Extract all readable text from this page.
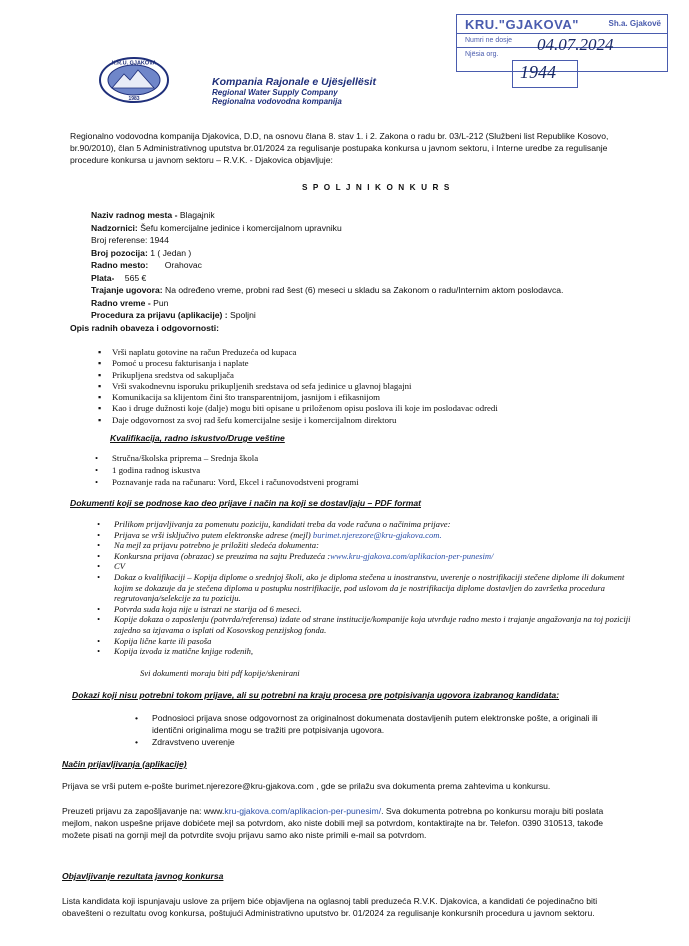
K.R.U. GJAKOVA
1983
Kompania Rajonale e Ujësjellësit
Regional Water Supply Company
Regionalna vodovodna kompanija
KRU."GJAKOVA"	Sh.a. Gjakovë
Numri ne dosje
Njësia org.
04.07.2024
1944
Regionalno vodovodna kompanija Djakovica, D.D, na osnovu člana 8. stav 1. i 2. Zakona o radu br. 03/L-212 (Službeni list Republike Kosovo, br.90/2010), član 5 Administrativnog uputstva br.01/2024 za regulisanje postupaka konkursa u javnom sektoru, i Interne uredbe za regulisanje procedure konkursa u javnom sektoru – R.V.K. - Djakovica objavljuje:
S P O L J N I K O N K U R S
Naziv radnog mesta - Blagajnik
Nadzornici: Šefu komercijalne jedinice i komercijalnom upravniku
Broj referense: 1944
Broj pozocija: 1 ( Jedan )
Radno mesto: Orahovac
Plata- 565 €
Trajanje ugovora: Na određeno vreme, probni rad šest (6) meseci u skladu sa Zakonom o radu/Internim aktom poslodavca.
Radno vreme - Pun
Procedura za prijavu (aplikacije) : Spoljni
Opis radnih obaveza i odgovornosti:
▪ Vrši naplatu gotovine na račun Preduzeća od kupaca
▪ Pomoć u procesu fakturisanja i naplate
▪ Prikupljena sredstva od sakupljača
▪ Vrši svakodnevnu isporuku prikupljenih sredstava od sefa jedinice u glavnoj blagajni
▪ Komunikacija sa klijentom čini što transparentnijom, jasnijom i efikasnijom
▪ Kao i druge dužnosti koje (dalje) mogu biti opisane u priloženom opisu poslova ili koje im poslodavac odredi
▪ Daje odgovornost za svoj rad šefu komercijalne sesije i komercijalnom direktoru
Kvalifikacija, radno iskustvo/Druge veštine
• Stručna/školska priprema – Srednja škola
• 1 godina radnog iskustva
• Poznavanje rada na računaru: Vord, Ekcel i računovodstveni programi
Dokumenti koji se podnose kao deo prijave i način na koji se dostavljaju – PDF format
• Prilikom prijavljivanja za pomenutu poziciju, kandidati treba da vode računa o načinima prijave:
• Prijava se vrši isključivo putem elektronske adrese (mejl) burimet.njerezore@kru-gjakova.com.
• Na mejl za prijavu potrebno je priložiti sledeća dokumenta:
• Konkursna prijava (obrazac) se preuzima na sajtu Preduzeća :www.kru-gjakova.com/aplikacion-per-punesim/
• CV
• Dokaz o kvalifikaciji – Kopija diplome o srednjoj školi, ako je diploma stečena u inostranstvu, uverenje o nostrifikaciji stečene diplome ili dokument kojim se dokazuje da je stečena diploma u postupku nostrifikacije, pod uslovom da je nostrifikacija diplome dostavljen do završetka procedura regrutovanja/selekcije za tu poziciju.
• Potvrda suda koja nije u istrazi ne starija od 6 meseci.
• Kopije dokaza o zaposlenju (potvrda/referensa) izdate od strane institucije/kompanije koja utvrđuje radno mesto i trajanje angažovanja na toj poziciji zajedno sa izjavama o isplati od Kosovskog penzijskog fonda.
• Kopija lične karte ili pasoša
• Kopija izvoda iz matične knjige rođenih,
Svi dokumenti moraju biti pdf kopije/skenirani
Dokazi koji nisu potrebni tokom prijave, ali su potrebni na kraju procesa pre potpisivanja ugovora izabranog kandidata:
• Podnosioci prijava snose odgovornost za originalnost dokumenata dostavljenih putem elektronske pošte, a originali ili identični originalima mogu se tražiti pre potpisivanja ugovora.
• Zdravstveno uverenje
Način prijavljivanja (aplikacije)
Prijava se vrši putem e-pošte burimet.njerezore@kru-gjakova.com , gde se prilažu sva dokumenta prema zahtevima u konkursu.
Preuzeti prijavu za zapošljavanje na: www.kru-gjakova.com/aplikacion-per-punesim/. Sva dokumenta potrebna po konkursu moraju biti poslata mejlom, nakon uspešne prijave dobićete mejl sa potvrdom, ako niste dobili mejl sa potvrdom, kontaktirajte na br. Telefon. 0390 310513, takođe možete pisati na gornji mejl da potvrdite svoju prijavu samo ako niste primili e-mail sa potvrdom.
Objavljivanje rezultata javnog konkursa
Lista kandidata koji ispunjavaju uslove za prijem biće objavljena na oglasnoj tabli preduzeća R.V.K. Djakovica, a kandidati će pojedinačno biti obavešteni o rezultatu ovog konkursa, poštujući Administrativno uputstvo br. 01/2024 za regulisanje konkursnih procedura u javnom sektoru.
